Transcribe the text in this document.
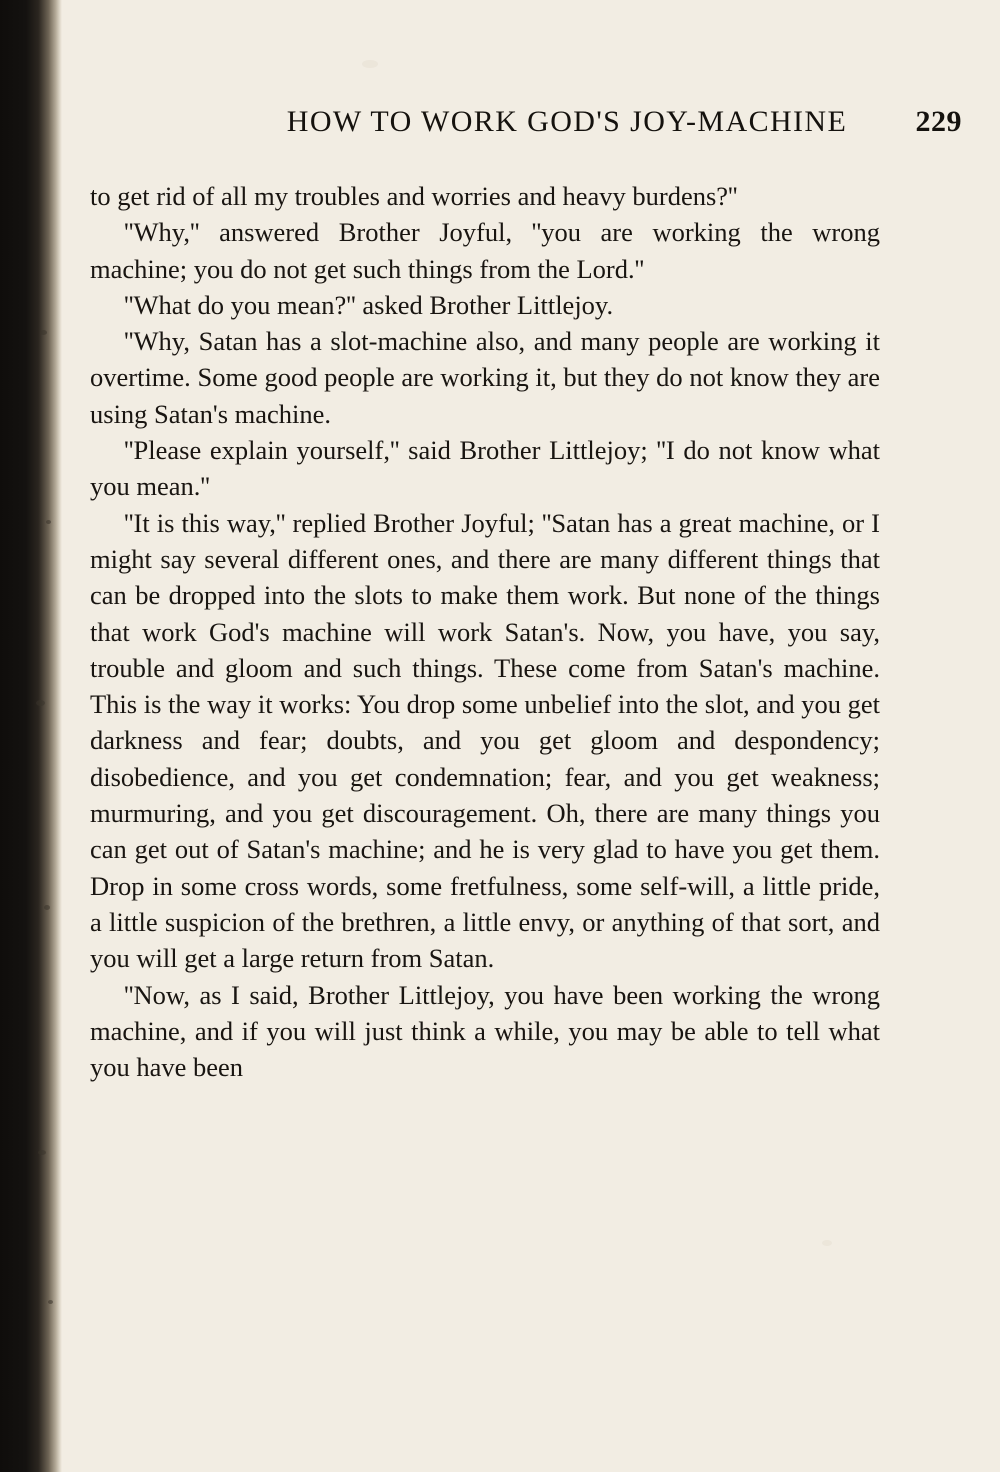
HOW TO WORK GOD'S JOY-MACHINE 229

to get rid of all my troubles and worries and heavy burdens?''

''Why,'' answered Brother Joyful, ''you are working the wrong machine; you do not get such things from the Lord.''

''What do you mean?'' asked Brother Littlejoy.

''Why, Satan has a slot-machine also, and many people are working it overtime. Some good people are working it, but they do not know they are using Satan's machine.

''Please explain yourself,'' said Brother Littlejoy; ''I do not know what you mean.''

''It is this way,'' replied Brother Joyful; ''Satan has a great machine, or I might say several different ones, and there are many different things that can be dropped into the slots to make them work. But none of the things that work God's machine will work Satan's. Now, you have, you say, trouble and gloom and such things. These come from Satan's machine. This is the way it works: You drop some unbelief into the slot, and you get darkness and fear; doubts, and you get gloom and despondency; disobedience, and you get condemnation; fear, and you get weakness; murmuring, and you get discouragement. Oh, there are many things you can get out of Satan's machine; and he is very glad to have you get them. Drop in some cross words, some fretfulness, some self-will, a little pride, a little suspicion of the brethren, a little envy, or anything of that sort, and you will get a large return from Satan.

''Now, as I said, Brother Littlejoy, you have been working the wrong machine, and if you will just think a while, you may be able to tell what you have been
